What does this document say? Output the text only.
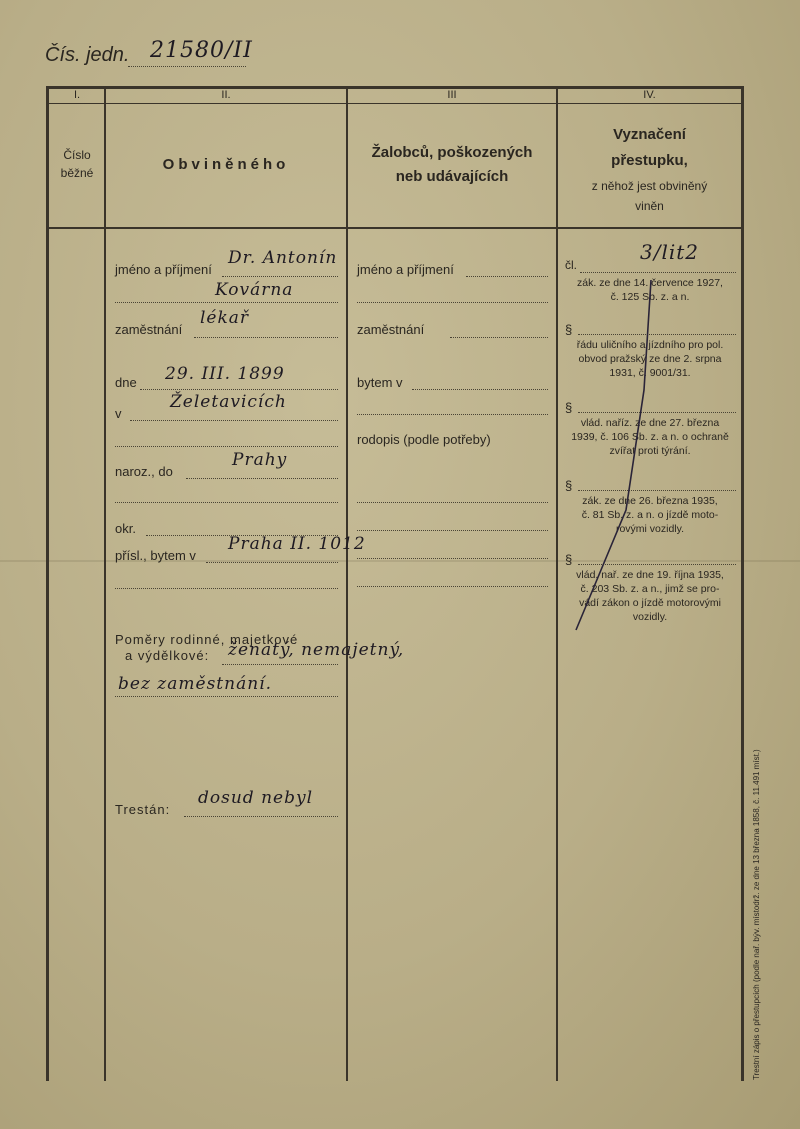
Čís. jedn. 21580/II
I.	II.	III	IV.
Číslo
běžné	Obviněného
Žalobců, poškozených
neb udávajících
Vyznačení
přestupku,
z něhož jest obviněný
viněn
jméno a příjmení
Dr. Antonín
Kovárna
zaměstnání
lékař
dne 29. III. 1899
v
Želetavicích
naroz., do
Prahy
okr.
přísl., bytem v
Praha II. 1012
Poměry rodinné, majetkové
a výdělkové: ženatý, nemajetný,
bez zaměstnání.
Trestán:
dosud nebyl
jméno a příjmení
zaměstnání
bytem v
rodopis (podle potřeby)
čl.
3/lit2
zák. ze dne 14. července 1927,
č. 125 Sb. z. a n.
§
řádu uličního a jízdního pro pol.
obvod pražský ze dne 2. srpna
1931, č. 9001/31.
§
vlád. naříz. ze dne 27. března
1939, č. 106 Sb. z. a n. o ochraně
zvířat proti týrání.
§
zák. ze dne 26. března 1935,
č. 81 Sb. z. a n. o jízdě moto-
rovými vozidly.
§
vlád. nař. ze dne 19. října 1935,
č. 203 Sb. z. a n., jimž se pro-
vádí zákon o jízdě motorovými
vozidly.
Trestní zápis o přestupcích (podle nař. býv. místodrž. ze dne 13 března 1858, č. 11.491 míst.)
